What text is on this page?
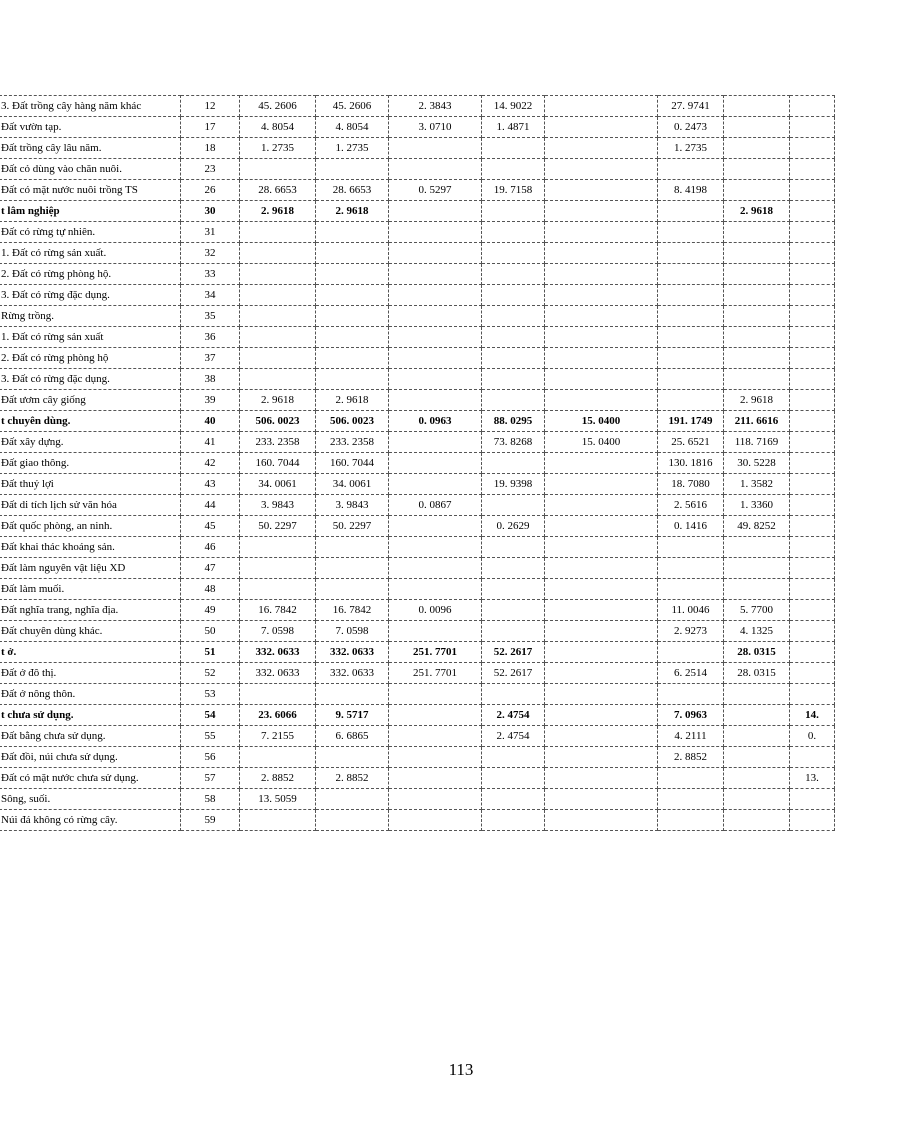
3. Đất trồng cây hàng năm khác	12	45. 2606	45. 2606	2. 3843	14. 9022		27. 9741		
Đất vườn tạp.	17	4. 8054	4. 8054	3. 0710	1. 4871		0. 2473		
Đất trồng cây lâu năm.	18	1. 2735	1. 2735				1. 2735		
Đất cỏ dùng vào chăn nuôi.	23								
Đất có mặt nước nuôi trồng TS	26	28. 6653	28. 6653	0. 5297	19. 7158		8. 4198		
t lâm nghiệp	30	2. 9618	2. 9618					2. 9618	
Đất có rừng tự nhiên.	31								
1. Đất có rừng sản xuất.	32								
2. Đất có rừng phòng hộ.	33								
3. Đất có rừng đặc dụng.	34								
Rừng trồng.	35								
1. Đất có rừng sản xuất	36								
2. Đất có rừng phòng hộ	37								
3. Đất có rừng đặc dụng.	38								
Đất ươm cây giống	39	2. 9618	2. 9618					2. 9618	
t chuyên dùng.	40	506. 0023	506. 0023	0. 0963	88. 0295	15. 0400	191. 1749	211. 6616	
Đất xây dựng.	41	233. 2358	233. 2358		73. 8268	15. 0400	25. 6521	118. 7169	
Đất giao thông.	42	160. 7044	160. 7044				130. 1816	30. 5228	
Đất thuỷ lợi	43	34. 0061	34. 0061		19. 9398		18. 7080	1. 3582	
Đất di tích lịch sử văn hóa	44	3. 9843	3. 9843	0. 0867			2. 5616	1. 3360	
Đất quốc phòng, an ninh.	45	50. 2297	50. 2297		0. 2629		0. 1416	49. 8252	
Đất khai thác khoáng sản.	46								
Đất làm nguyên vật liệu XD	47								
Đất làm muối.	48								
Đất nghĩa trang, nghĩa địa.	49	16. 7842	16. 7842	0. 0096			11. 0046	5. 7700	
Đất chuyên dùng khác.	50	7. 0598	7. 0598				2. 9273	4. 1325	
t ở.	51	332. 0633	332. 0633	251. 7701	52. 2617			28. 0315	
Đất ở đô thị.	52	332. 0633	332. 0633	251. 7701	52. 2617		6. 2514	28. 0315	
Đất ở nông thôn.	53								
t chưa sử dụng.	54	23. 6066	9. 5717		2. 4754		7. 0963		14.
Đất bằng chưa sử dụng.	55	7. 2155	6. 6865		2. 4754		4. 2111		0.
Đất đồi, núi chưa sử dụng.	56						2. 8852		
Đất có mặt nước chưa sử dụng.	57	2. 8852	2. 8852						13.
Sông, suối.	58	13. 5059							
Núi đá không có rừng cây.	59								
113
